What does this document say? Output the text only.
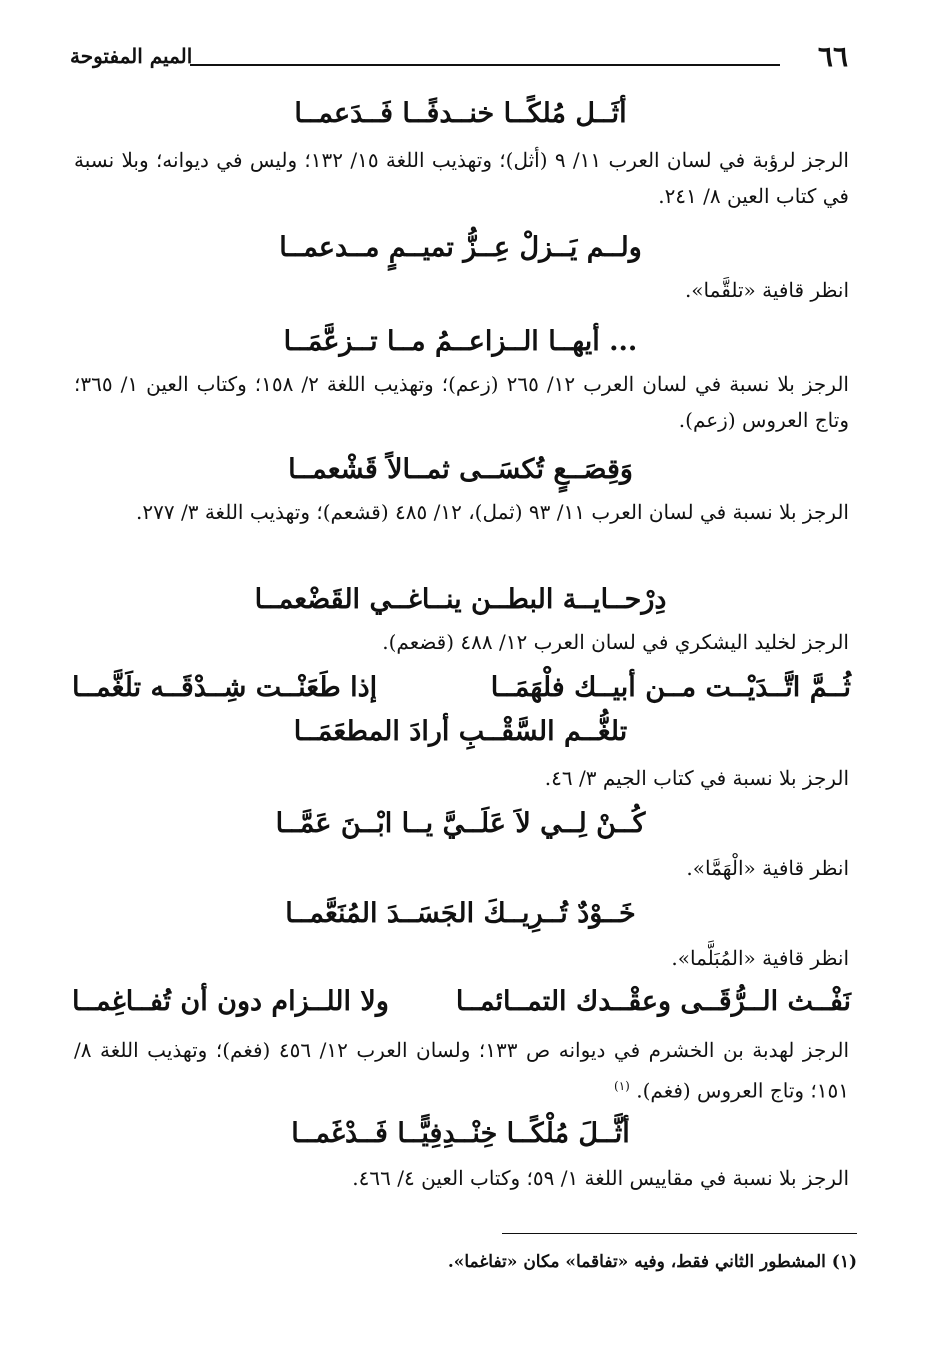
٦٦
الميم المفتوحة
أثَــل مُلكًــا خنــدفًــا فَــدَعمــا
الرجز لرؤبة في لسان العرب ١١/ ٩ (أثل)؛ وتهذيب اللغة ١٥/ ١٣٢؛ وليس في ديوانه؛ وبلا نسبة في كتاب العين ٨/ ٢٤١.
ولــم يَــزلْ عِــزُّ تميــمٍ مــدعمــا
انظر قافية «تلقَّما».
... أيهــا الــزاعــمُ مــا تــزعَّمَــا
الرجز بلا نسبة في لسان العرب ١٢/ ٢٦٥ (زعم)؛ وتهذيب اللغة ٢/ ١٥٨؛ وكتاب العين ١/ ٣٦٥؛ وتاج العروس (زعم).
وَقِصَــعٍ تُكسَــى ثمــالاً قَشْعمــا
الرجز بلا نسبة في لسان العرب ١١/ ٩٣ (ثمل)، ١٢/ ٤٨٥ (قشعم)؛ وتهذيب اللغة ٣/ ٢٧٧.
دِرْحــايــة البطــن ينــاغــي القَضْعمــا
الرجز لخليد اليشكري في لسان العرب ١٢/ ٤٨٨ (قضعم).
ثُــمَّ اتَّــدَيْــت مــن أبيــك فلْهَمَــا
إذا طَعَنْــت شِــدْقَــه تلَغَّمــا
تلغُّــم السَّقْــبِ أرادَ المطعَمَــا
الرجز بلا نسبة في كتاب الجيم ٣/ ٤٦.
كُــنْ لِــي لاَ عَلَــيَّ يــا ابْــنَ عَمَّــا
انظر قافية «الْهَمَّا».
خَــوْدٌ تُــرِيــكَ الجَسَــدَ المُنَعَّمــا
انظر قافية «المُبَلَّما».
نَفْــث الــرُّقَــى وعقْــدك التمــائمــا
ولا اللــزام دون أن تُفــاغِمــا
الرجز لهدبة بن الخشرم في ديوانه ص ١٣٣؛ ولسان العرب ١٢/ ٤٥٦ (فغم)؛ وتهذيب اللغة ٨/ ١٥١؛ وتاج العروس (فغم). $^{(١)}$
أثَّــلَ مُلْكًــا خِنْــدِفِيًّــا فَــدْغَمــا
الرجز بلا نسبة في مقاييس اللغة ١/ ٥٩؛ وكتاب العين ٤/ ٤٦٦.
(١) المشطور الثاني فقط، وفيه «تفاقما» مكان «تفاغما».
